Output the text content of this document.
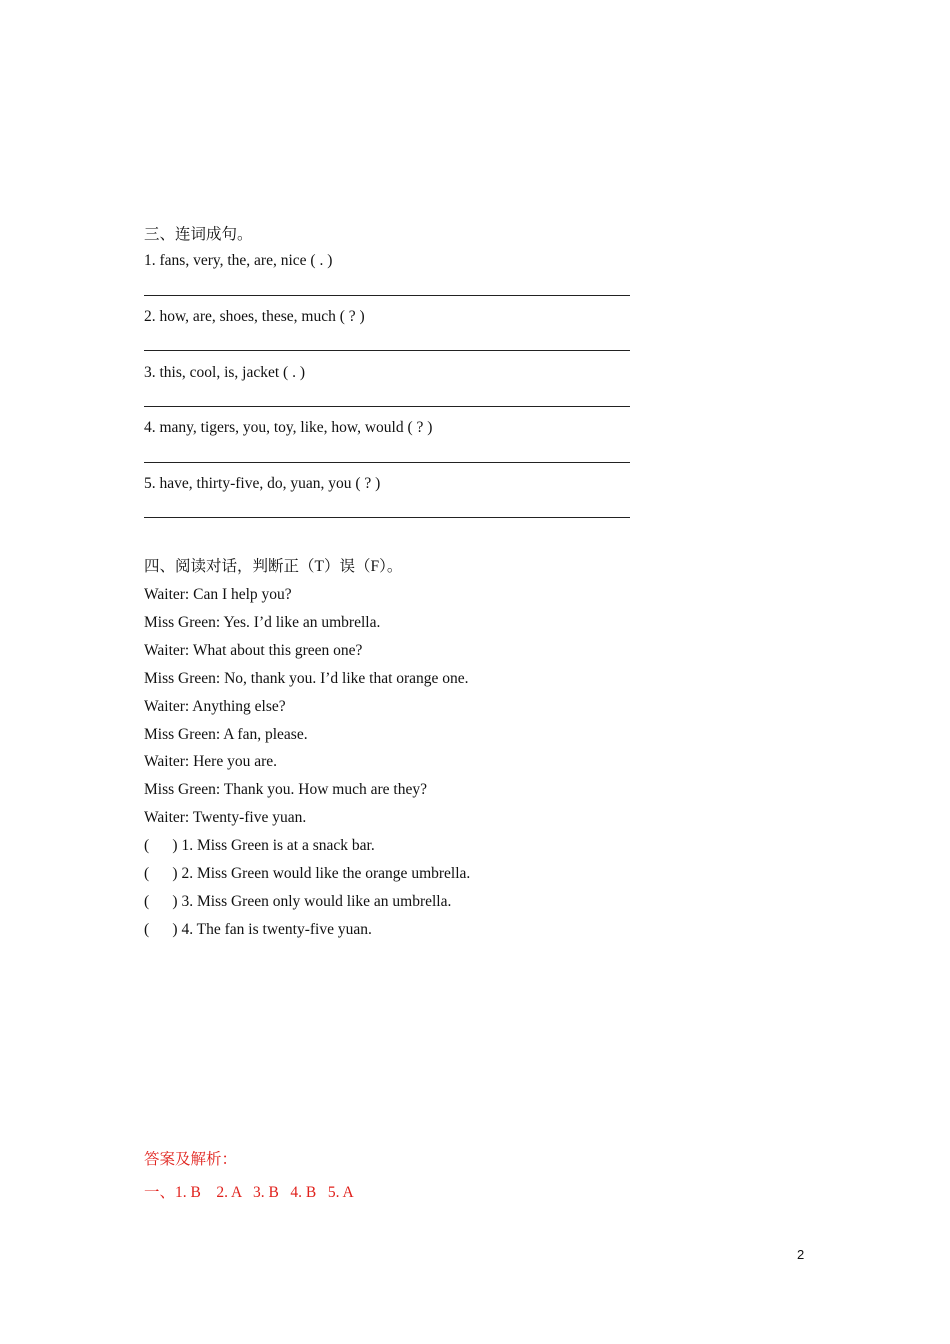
三、连词成句。
1. fans, very, the, are, nice ( . )
2. how, are, shoes, these, much ( ? )
3. this, cool, is, jacket ( . )
4. many, tigers, you, toy, like, how, would ( ? )
5. have, thirty-five, do, yuan, you ( ? )
四、阅读对话，判断正（T）误（F）。
Waiter: Can I help you?
Miss Green: Yes. I’d like an umbrella.
Waiter: What about this green one?
Miss Green: No, thank you. I’d like that orange one.
Waiter: Anything else?
Miss Green: A fan, please.
Waiter: Here you are.
Miss Green: Thank you. How much are they?
Waiter: Twenty-five yuan.
(      ) 1. Miss Green is at a snack bar.
(      ) 2. Miss Green would like the orange umbrella.
(      ) 3. Miss Green only would like an umbrella.
(      ) 4. The fan is twenty-five yuan.
答案及解析：
一、1. B    2. A   3. B   4. B   5. A
2
